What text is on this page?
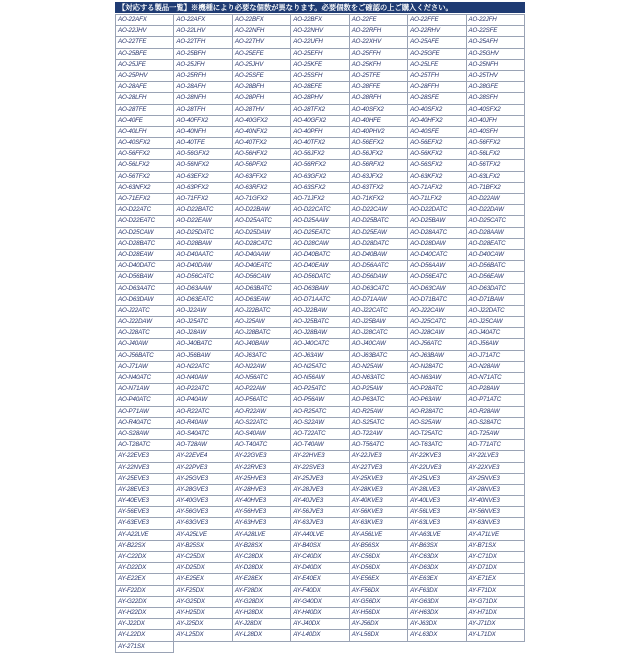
【対応する製品一覧】※機種により必要な個数が異なります。必要個数をご確認の上ご購入ください。
AO-22AFX	AO-22AFX	AO-22BFX	AO-22BFX	AO-22FE	AO-22FFE	AO-22JFH
AO-22JHV	AO-22LHV	AO-22NFH	AO-22NHV	AO-22RFH	AO-22RHV	AO-22SFE
AO-22TFE	AO-22TFH	AO-22THV	AO-22UFH	AO-22XHV	AO-25AFE	AO-25AFH
AO-25BFE	AO-25BFH	AO-25EFE	AO-25EFH	AO-25FFH	AO-25GFE	AO-25GHV
AO-25JFE	AO-25JFH	AO-25JHV	AO-25KFE	AO-25KFH	AO-25LFE	AO-25NFH
AO-25PHV	AO-25RFH	AO-25SFE	AO-25SFH	AO-25TFE	AO-25TFH	AO-25THV
AO-28AFE	AO-28AFH	AO-28BFH	AO-28EFE	AO-28FFE	AO-28FFH	AO-28GFE
AO-28LFH	AO-28NFH	AO-28PFH	AO-28PHV	AO-28RFH	AO-28SFE	AO-28SFH
AO-28TFE	AO-28TFH	AO-28THV	AO-28TFX2	AO-40SFX2	AO-40SFX2	AO-40SFX2
AO-40FE	AO-40FFX2	AO-40GFX2	AO-40GFX2	AO-40HFE	AO-40HFX2	AO-40JFH
AO-40LFH	AO-40NFH	AO-40NFX2	AO-40PFH	AO-40PHV2	AO-40SFE	AO-40SFH
AO-40SFX2	AO-40TFE	AO-40TFX2	AO-40TFX2	AO-56EFX2	AO-56EFX2	AO-56FFX2
AO-56FFX2	AO-56GFX2	AO-56HFX2	AO-56JFX2	AO-56JFX2	AO-56KFX2	AO-56LFX2
AO-56LFX2	AO-56NFX2	AO-56PFX2	AO-56RFX2	AO-56RFX2	AO-56SFX2	AO-56TFX2
AO-56TFX2	AO-63EFX2	AO-63FFX2	AO-63GFX2	AO-63JFX2	AO-63KFX2	AO-63LFX2
AO-63NFX2	AO-63PFX2	AO-63RFX2	AO-63SFX2	AO-63TFX2	AO-71AFX2	AO-71BFX2
AO-71EFX2	AO-71FFX2	AO-71GFX2	AO-71JFX2	AO-71KFX2	AO-71LFX2	AO-D22AW
AO-D22ATC	AO-D22BATC	AO-D22BAW	AO-D22CATC	AO-D22CAW	AO-D22DATC	AO-D22DAW
AO-D22EATC	AO-D22EAW	AO-D25AATC	AO-D25AAW	AO-D25BATC	AO-D25BAW	AO-D25CATC
AO-D25CAW	AO-D25DATC	AO-D25DAW	AO-D25EATC	AO-D25EAW	AO-D28AATC	AO-D28AAW
AO-D28BATC	AO-D28BAW	AO-D28CATC	AO-D28CAW	AO-D28DATC	AO-D28DAW	AO-D28EATC
AO-D28EAW	AO-D40AATC	AO-D40AAW	AO-D40BATC	AO-D40BAW	AO-D40CATC	AO-D40CAW
AO-D40DATC	AO-D40DAW	AO-D40EATC	AO-D40EAW	AO-D56AATC	AO-D56AAW	AO-D56BATC
AO-D56BAW	AO-D56CATC	AO-D56CAW	AO-D56DATC	AO-D56DAW	AO-D56EATC	AO-D56EAW
AO-D63AATC	AO-D63AAW	AO-D63BATC	AO-D63BAW	AO-D63CATC	AO-D63CAW	AO-D63DATC
AO-D63DAW	AO-D63EATC	AO-D63EAW	AO-D71AATC	AO-D71AAW	AO-D71BATC	AO-D71BAW
AO-J22ATC	AO-J22AW	AO-J22BATC	AO-J22BAW	AO-J22CATC	AO-J22CAW	AO-J22DATC
AO-J22DAW	AO-J25ATC	AO-J25AW	AO-J25BATC	AO-J25BAW	AO-J25CATC	AO-J25CAW
AO-J28ATC	AO-J28AW	AO-J28BATC	AO-J28BAW	AO-J28CATC	AO-J28CAW	AO-J40ATC
AO-J40AW	AO-J40BATC	AO-J40BAW	AO-J40CATC	AO-J40CAW	AO-J56ATC	AO-J56AW
AO-J56BATC	AO-J56BAW	AO-J63ATC	AO-J63AW	AO-J63BATC	AO-J63BAW	AO-J71ATC
AO-J71AW	AO-N22ATC	AO-N22AW	AO-N25ATC	AO-N25AW	AO-N28ATC	AO-N28AW
AO-N40ATC	AO-N40AW	AO-N56ATC	AO-N56AW	AO-N63ATC	AO-N63AW	AO-N71ATC
AO-N71AW	AO-P22ATC	AO-P22AW	AO-P25ATC	AO-P25AW	AO-P28ATC	AO-P28AW
AO-P40ATC	AO-P40AW	AO-P56ATC	AO-P56AW	AO-P63ATC	AO-P63AW	AO-P71ATC
AO-P71AW	AO-R22ATC	AO-R22AW	AO-R25ATC	AO-R25AW	AO-R28ATC	AO-R28AW
AO-R40ATC	AO-R40AW	AO-S22ATC	AO-S22AW	AO-S25ATC	AO-S25AW	AO-S28ATC
AO-S28AW	AO-S40ATC	AO-S40AW	AO-T22ATC	AO-T22AW	AO-T25ATC	AO-T25AW
AO-T28ATC	AO-T28AW	AO-T40ATC	AO-T40AW	AO-T56ATC	AO-T63ATC	AO-T71ATC
AY-22EVE3	AY-22EVE4	AY-22GVE3	AY-22HVE3	AY-22JVE3	AY-22KVE3	AY-22LVE3
AY-22NVE3	AY-22PVE3	AY-22RVE3	AY-22SVE3	AY-22TVE3	AY-22UVE3	AY-22XVE3
AY-25EVE3	AY-25GVE3	AY-25HVE3	AY-25JVE3	AY-25KVE3	AY-25LVE3	AY-25NVE3
AY-28EVE3	AY-28GVE3	AY-28HVE3	AY-28JVE3	AY-28KVE3	AY-28LVE3	AY-28NVE3
AY-40EVE3	AY-40GVE3	AY-40HVE3	AY-40JVE3	AY-40KVE3	AY-40LVE3	AY-40NVE3
AY-56EVE3	AY-56GVE3	AY-56HVE3	AY-56JVE3	AY-56KVE3	AY-56LVE3	AY-56NVE3
AY-63EVE3	AY-63GVE3	AY-63HVE3	AY-63JVE3	AY-63KVE3	AY-63LVE3	AY-63NVE3
AY-A22LVE	AY-A25LVE	AY-A28LVE	AY-A40LVE	AY-A56LVE	AY-A63LVE	AY-A71LVE
AY-B22SX	AY-B25SX	AY-B28SX	AY-B40SX	AY-B56SX	AY-B63SX	AY-B71SX
AY-C22DX	AY-C25DX	AY-C28DX	AY-C40DX	AY-C56DX	AY-C63DX	AY-C71DX
AY-D22DX	AY-D25DX	AY-D28DX	AY-D40DX	AY-D56DX	AY-D63DX	AY-D71DX
AY-E22EX	AY-E25EX	AY-E28EX	AY-E40EX	AY-E56EX	AY-E63EX	AY-E71EX
AY-F22DX	AY-F25DX	AY-F28DX	AY-F40DX	AY-F56DX	AY-F63DX	AY-F71DX
AY-G22DX	AY-G25DX	AY-G28DX	AY-G40DX	AY-G56DX	AY-G63DX	AY-G71DX
AY-H22DX	AY-H25DX	AY-H28DX	AY-H40DX	AY-H56DX	AY-H63DX	AY-H71DX
AY-J22DX	AY-J25DX	AY-J28DX	AY-J40DX	AY-J56DX	AY-J63DX	AY-J71DX
AY-L22DX	AY-L25DX	AY-L28DX	AY-L40DX	AY-L56DX	AY-L63DX	AY-L71DX
AY-271SX
